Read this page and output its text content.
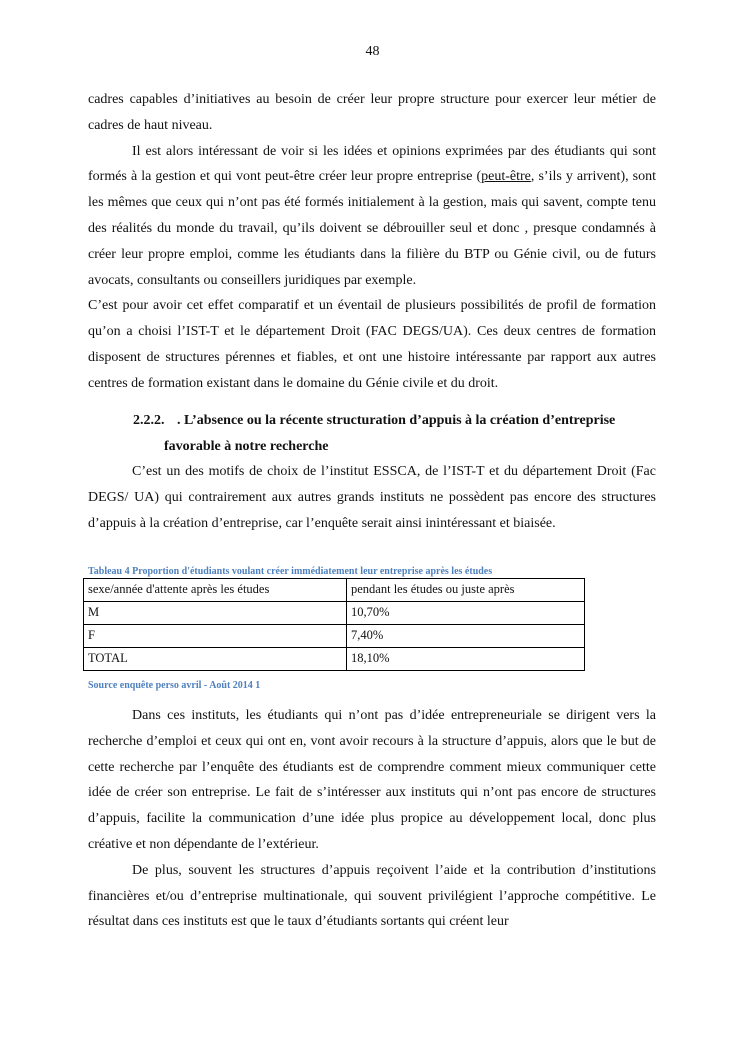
48

cadres capables d’initiatives au besoin de créer leur propre structure pour exercer leur métier de cadres de haut niveau.

Il est alors intéressant de voir si les idées et opinions exprimées par des étudiants qui sont formés à la gestion et qui vont peut-être créer leur propre entreprise (peut-être, s’ils y arrivent), sont les mêmes que ceux qui n’ont pas été formés initialement à la gestion, mais qui savent, compte tenu des réalités du monde du travail, qu’ils doivent se débrouiller seul et donc , presque condamnés à créer leur propre emploi, comme les étudiants dans la filière du BTP ou Génie civil, ou de futurs avocats, consultants ou conseillers juridiques par exemple.

C’est pour avoir cet effet comparatif et un éventail de plusieurs possibilités de profil de formation qu’on a choisi l’IST-T et le département Droit (FAC DEGS/UA). Ces deux centres de formation disposent de structures pérennes et fiables, et ont une histoire intéressante par rapport aux autres centres de formation existant dans le domaine du Génie civile et du droit.

2.2.2. . L’absence ou la récente structuration d’appuis à la création d’entreprise
favorable à notre recherche
C’est un des motifs de choix de l’institut ESSCA, de l’IST-T et du département Droit (Fac DEGS/ UA) qui contrairement aux autres grands instituts ne possèdent pas encore des structures d’appuis à la création d’entreprise, car l’enquête serait ainsi inintéressant et biaisée.
Tableau 4 Proportion d'étudiants voulant créer immédiatement leur entreprise après les études
sexe/année d'attente après les études	pendant les études ou juste après
M	10,70%
F	7,40%
TOTAL	18,10%
Source enquête perso avril - Août 2014 1

Dans ces instituts, les étudiants qui n’ont pas d’idée entrepreneuriale se dirigent vers la recherche d’emploi et ceux qui ont en, vont avoir recours à la structure d’appuis, alors que le but de cette recherche par l’enquête des étudiants est de comprendre comment mieux communiquer cette idée de créer son entreprise. Le fait de s’intéresser aux instituts qui n’ont pas encore de structures d’appuis, facilite la communication d’une idée plus propice au développement local, donc plus créative et non dépendante de l’extérieur.

De plus, souvent les structures d’appuis reçoivent l’aide et la contribution d’institutions financières et/ou d’entreprise multinationale, qui souvent privilégient l’approche compétitive. Le résultat dans ces instituts est que le taux d’étudiants sortants qui créent leur
